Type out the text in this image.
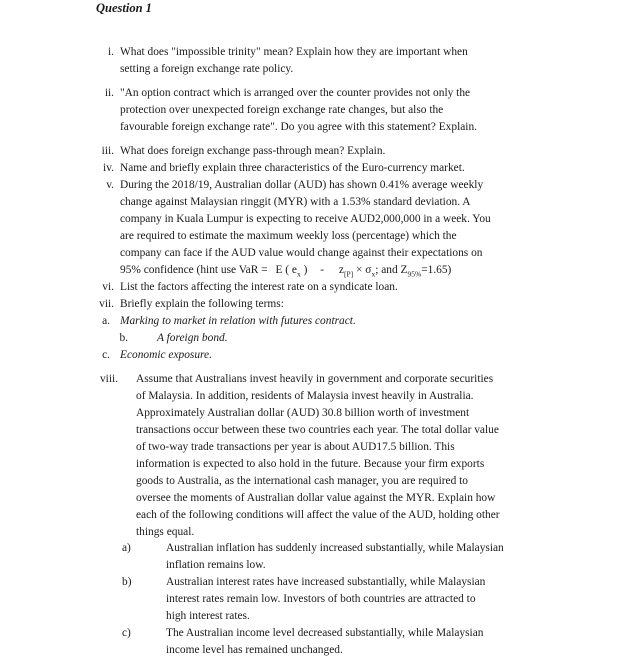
Question 1
i. What does "impossible trinity" mean? Explain how they are important when
setting a foreign exchange rate policy.
ii. "An option contract which is arranged over the counter provides not only the
protection over unexpected foreign exchange rate changes, but also the
favourable foreign exchange rate". Do you agree with this statement? Explain.
iii. What does foreign exchange pass-through mean? Explain.
iv. Name and briefly explain three characteristics of the Euro-currency market.
v. During the 2018/19, Australian dollar (AUD) has shown 0.41% average weekly
change against Malaysian ringgit (MYR) with a 1.53% standard deviation. A
company in Kuala Lumpur is expecting to receive AUD2,000,000 in a week. You
are required to estimate the maximum weekly loss (percentage) which the
company can face if the AUD value would change against their expectations on
95% confidence (hint use VaR = E ( $e_x$ ) - $z_{[P]} \times \sigma_x$; and $Z_{95\%}=1.65$)
vi. List the factors affecting the interest rate on a syndicate loan.
vii. Briefly explain the following terms:
a. Marking to market in relation with futures contract.
b.	A foreign bond.
c. Economic exposure.
viii. Assume that Australians invest heavily in government and corporate securities
of Malaysia. In addition, residents of Malaysia invest heavily in Australia.
Approximately Australian dollar (AUD) 30.8 billion worth of investment
transactions occur between these two countries each year. The total dollar value
of two-way trade transactions per year is about AUD17.5 billion. This
information is expected to also hold in the future. Because your firm exports
goods to Australia, as the international cash manager, you are required to
oversee the moments of Australian dollar value against the MYR. Explain how
each of the following conditions will affect the value of the AUD, holding other
things equal.
a)	Australian inflation has suddenly increased substantially, while Malaysian
inflation remains low.
b)	Australian interest rates have increased substantially, while Malaysian
interest rates remain low. Investors of both countries are attracted to
high interest rates.
c)	The Australian income level decreased substantially, while Malaysian
income level has remained unchanged.
